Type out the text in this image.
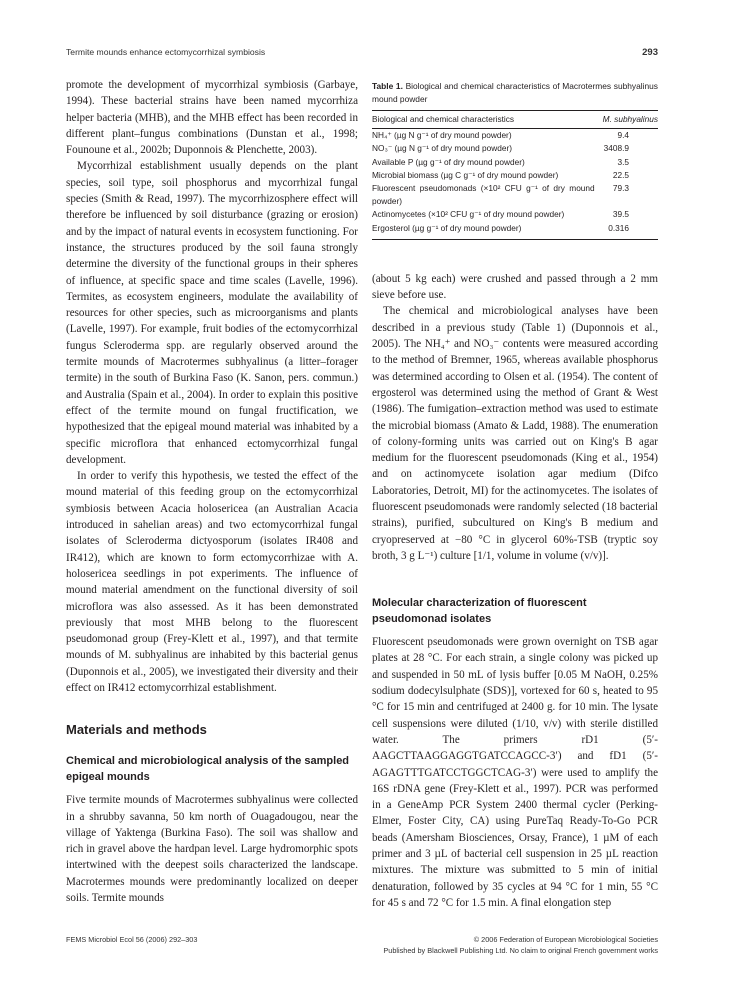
Termite mounds enhance ectomycorrhizal symbiosis	293

promote the development of mycorrhizal symbiosis (Garbaye, 1994). These bacterial strains have been named mycorrhiza helper bacteria (MHB), and the MHB effect has been recorded in different plant–fungus combinations (Dunstan et al., 1998; Founoune et al., 2002b; Duponnois & Plenchette, 2003).

Mycorrhizal establishment usually depends on the plant species, soil type, soil phosphorus and mycorrhizal fungal species (Smith & Read, 1997). The mycorrhizosphere effect will therefore be influenced by soil disturbance (grazing or erosion) and by the impact of natural events in ecosystem functioning. For instance, the structures produced by the soil fauna strongly determine the diversity of the functional groups in their spheres of influence, at specific space and time scales (Lavelle, 1996). Termites, as ecosystem engineers, modulate the availability of resources for other species, such as microorganisms and plants (Lavelle, 1997). For example, fruit bodies of the ectomycorrhizal fungus Scleroderma spp. are regularly observed around the termite mounds of Macrotermes subhyalinus (a litter–forager termite) in the south of Burkina Faso (K. Sanon, pers. commun.) and Australia (Spain et al., 2004). In order to explain this positive effect of the termite mound on fungal fructification, we hypothesized that the epigeal mound material was inhabited by a specific microflora that enhanced ectomycorrhizal fungal development.

In order to verify this hypothesis, we tested the effect of the mound material of this feeding group on the ectomycorrhizal symbiosis between Acacia holosericea (an Australian Acacia introduced in sahelian areas) and two ectomycorrhizal fungal isolates of Scleroderma dictyosporum (isolates IR408 and IR412), which are known to form ectomycorrhizae with A. holosericea seedlings in pot experiments. The influence of mound material amendment on the functional diversity of soil microflora was also assessed. As it has been demonstrated previously that most MHB belong to the fluorescent pseudomonad group (Frey-Klett et al., 1997), and that termite mounds of M. subhyalinus are inhabited by this bacterial genus (Duponnois et al., 2005), we investigated their diversity and their effect on IR412 ectomycorrhizal establishment.

Materials and methods
Chemical and microbiological analysis of the sampled epigeal mounds

Five termite mounds of Macrotermes subhyalinus were collected in a shrubby savanna, 50 km north of Ouagadougou, near the village of Yaktenga (Burkina Faso). The soil was shallow and rich in gravel above the hardpan level. Large hydromorphic spots intertwined with the deepest soils characterized the landscape. Macrotermes mounds were predominantly localized on deeper soils. Termite mounds

Table 1. Biological and chemical characteristics of Macrotermes subhyalinus mound powder
Biological and chemical characteristics	M. subhyalinus
NH₄⁺ (µg N g⁻¹ of dry mound powder)	9.4
NO₃⁻ (µg N g⁻¹ of dry mound powder)	3408.9
Available P (µg g⁻¹ of dry mound powder)	3.5
Microbial biomass (µg C g⁻¹ of dry mound powder)	22.5
Fluorescent pseudomonads (×10² CFU g⁻¹ of dry mound powder)	79.3
Actinomycetes (×10² CFU g⁻¹ of dry mound powder)	39.5
Ergosterol (µg g⁻¹ of dry mound powder)	0.316

(about 5 kg each) were crushed and passed through a 2 mm sieve before use.

The chemical and microbiological analyses have been described in a previous study (Table 1) (Duponnois et al., 2005). The NH₄⁺ and NO₃⁻ contents were measured according to the method of Bremner, 1965, whereas available phosphorus was determined according to Olsen et al. (1954). The content of ergosterol was determined using the method of Grant & West (1986). The fumigation–extraction method was used to estimate the microbial biomass (Amato & Ladd, 1988). The enumeration of colony-forming units was carried out on King's B agar medium for the fluorescent pseudomonads (King et al., 1954) and on actinomycete isolation agar medium (Difco Laboratories, Detroit, MI) for the actinomycetes. The isolates of fluorescent pseudomonads were randomly selected (18 bacterial strains), purified, subcultured on King's B medium and cryopreserved at −80 °C in glycerol 60%-TSB (tryptic soy broth, 3 g L⁻¹) culture [1/1, volume in volume (v/v)].

Molecular characterization of fluorescent pseudomonad isolates

Fluorescent pseudomonads were grown overnight on TSB agar plates at 28 °C. For each strain, a single colony was picked up and suspended in 50 mL of lysis buffer [0.05 M NaOH, 0.25% sodium dodecylsulphate (SDS)], vortexed for 60 s, heated to 95 °C for 15 min and centrifuged at 2400 g. for 10 min. The lysate cell suspensions were diluted (1/10, v/v) with sterile distilled water. The primers rD1 (5′-AAGCTTAAGGAGGTGATCCAGCC-3′) and fD1 (5′-AGAGTTTGATCCTGGCTCAG-3′) were used to amplify the 16S rDNA gene (Frey-Klett et al., 1997). PCR was performed in a GeneAmp PCR System 2400 thermal cycler (Perking-Elmer, Foster City, CA) using PureTaq Ready-To-Go PCR beads (Amersham Biosciences, Orsay, France), 1 µM of each primer and 3 µL of bacterial cell suspension in 25 µL reaction mixtures. The mixture was submitted to 5 min of initial denaturation, followed by 35 cycles at 94 °C for 1 min, 55 °C for 45 s and 72 °C for 1.5 min. A final elongation step

FEMS Microbiol Ecol 56 (2006) 292–303	© 2006 Federation of European Microbiological Societies
Published by Blackwell Publishing Ltd. No claim to original French government works
